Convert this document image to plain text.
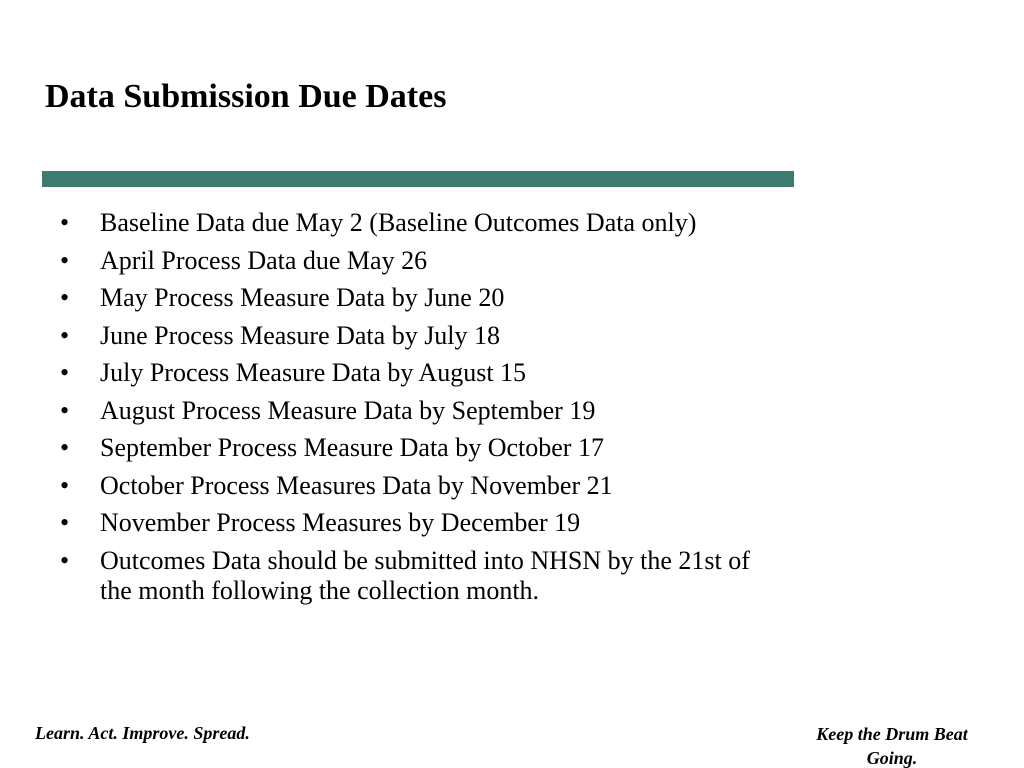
Data Submission Due Dates
•	Baseline Data due May 2 (Baseline Outcomes Data only)
•	April Process Data due May 26
•	May Process Measure Data by June 20
•	June Process Measure Data by July 18
•	July Process Measure Data by August 15
•	August Process Measure Data by September 19
•	September Process Measure Data by October 17
•	October Process Measures Data by November 21
•	November Process Measures by December 19
•	Outcomes Data should be submitted into NHSN by the 21st of the month following the collection month.
Learn. Act. Improve. Spread.	Keep the Drum Beat Going.
